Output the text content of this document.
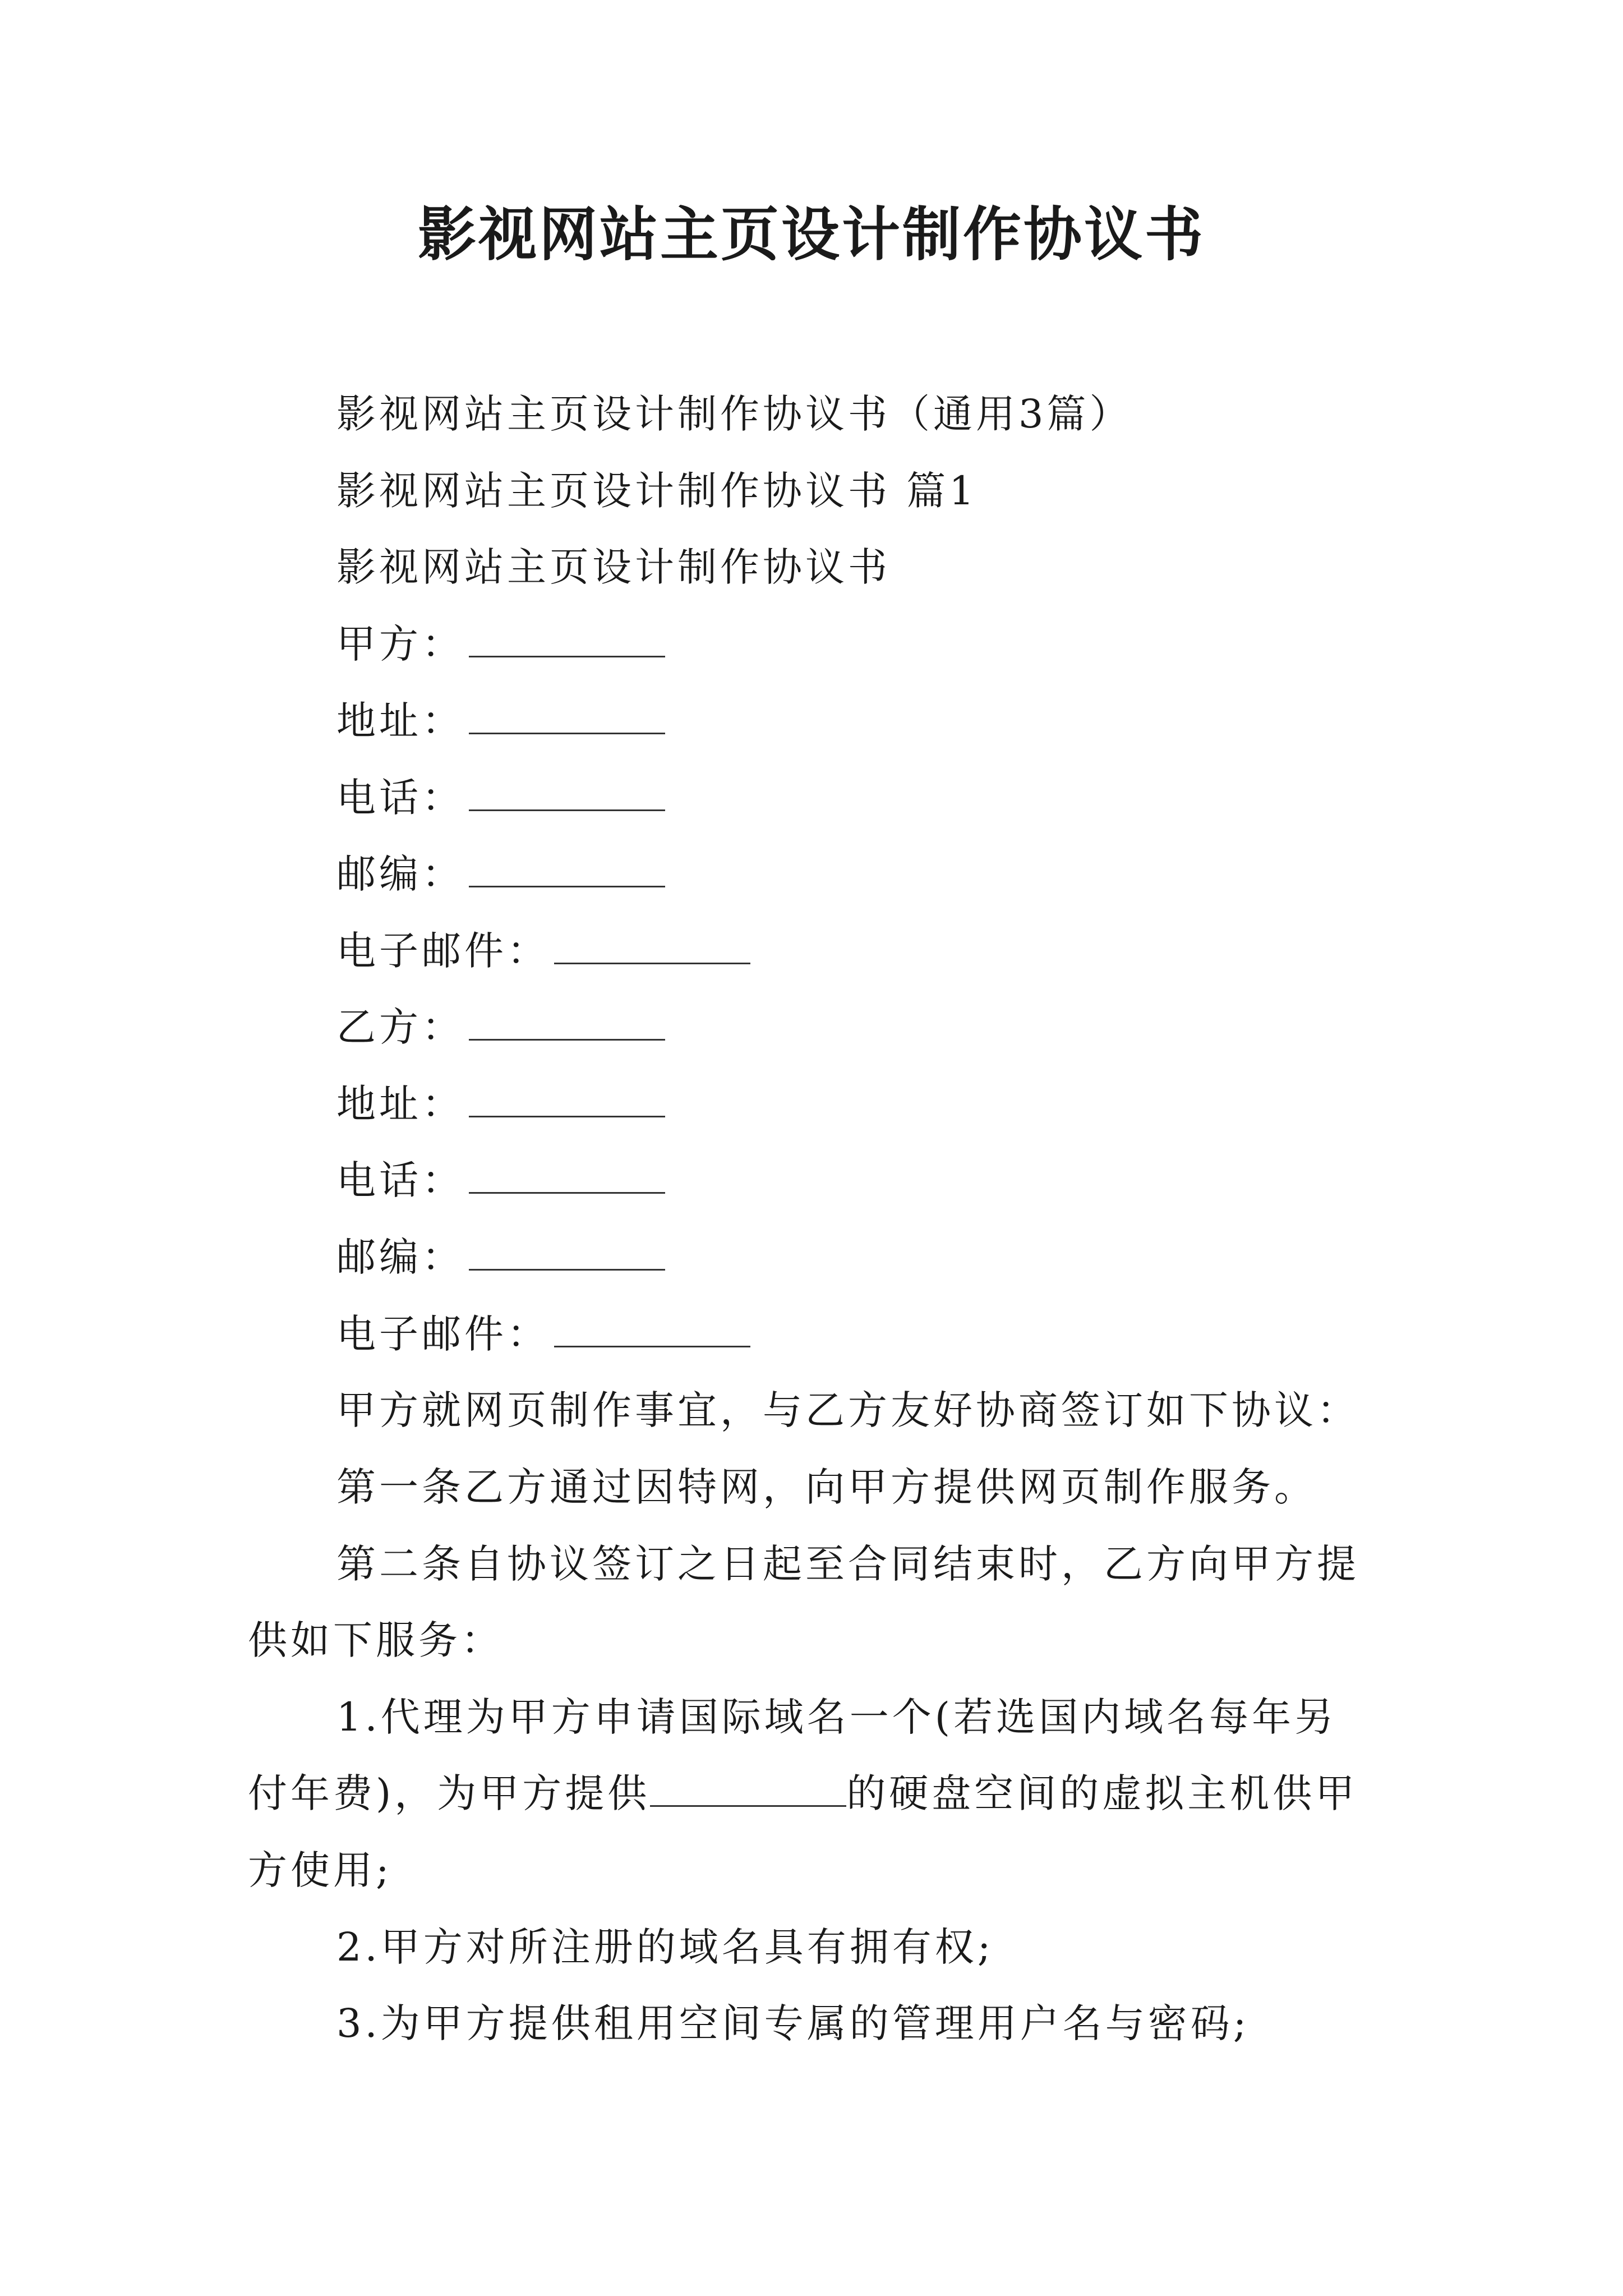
影视网站主页设计制作协议书
影视网站主页设计制作协议书（通用3篇）
影视网站主页设计制作协议书 篇1
影视网站主页设计制作协议书
甲方：
地址：
电话：
邮编：
电子邮件：
乙方：
地址：
电话：
邮编：
电子邮件：
甲方就网页制作事宜，与乙方友好协商签订如下协议：
第一条乙方通过因特网，向甲方提供网页制作服务。
第二条自协议签订之日起至合同结束时，乙方向甲方提
供如下服务：
1.代理为甲方申请国际域名一个(若选国内域名每年另
付年费)，为甲方提供	的硬盘空间的虚拟主机供甲
方使用;
2.甲方对所注册的域名具有拥有权;
3.为甲方提供租用空间专属的管理用户名与密码;
